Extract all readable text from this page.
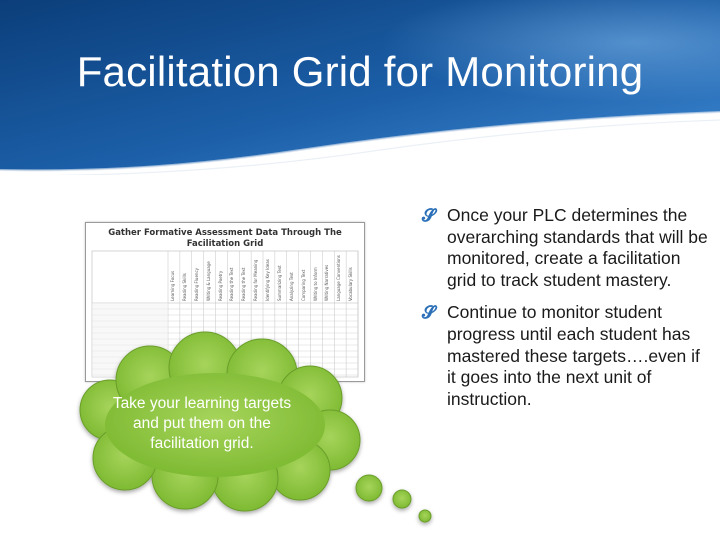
Facilitation Grid for Monitoring
Gather Formative Assessment Data Through The
Facilitation Grid
Learning Focus Reading Skills Reading Fluency Writing & Language Reading Poetry Reading the Text Reading the Text Reading for Meaning Identifying Key Ideas Summarizing Text Analyzing Text Comparing Text Writing to Inform Writing Narratives Language Conventions Vocabulary Skills
Take your learning targets and put them on the facilitation grid.
𝓢 Once your PLC determines the overarching standards that will be monitored, create a facilitation grid to track student mastery.
𝓢 Continue to monitor student progress until each student has mastered these targets….even if it goes into the next unit of instruction.
